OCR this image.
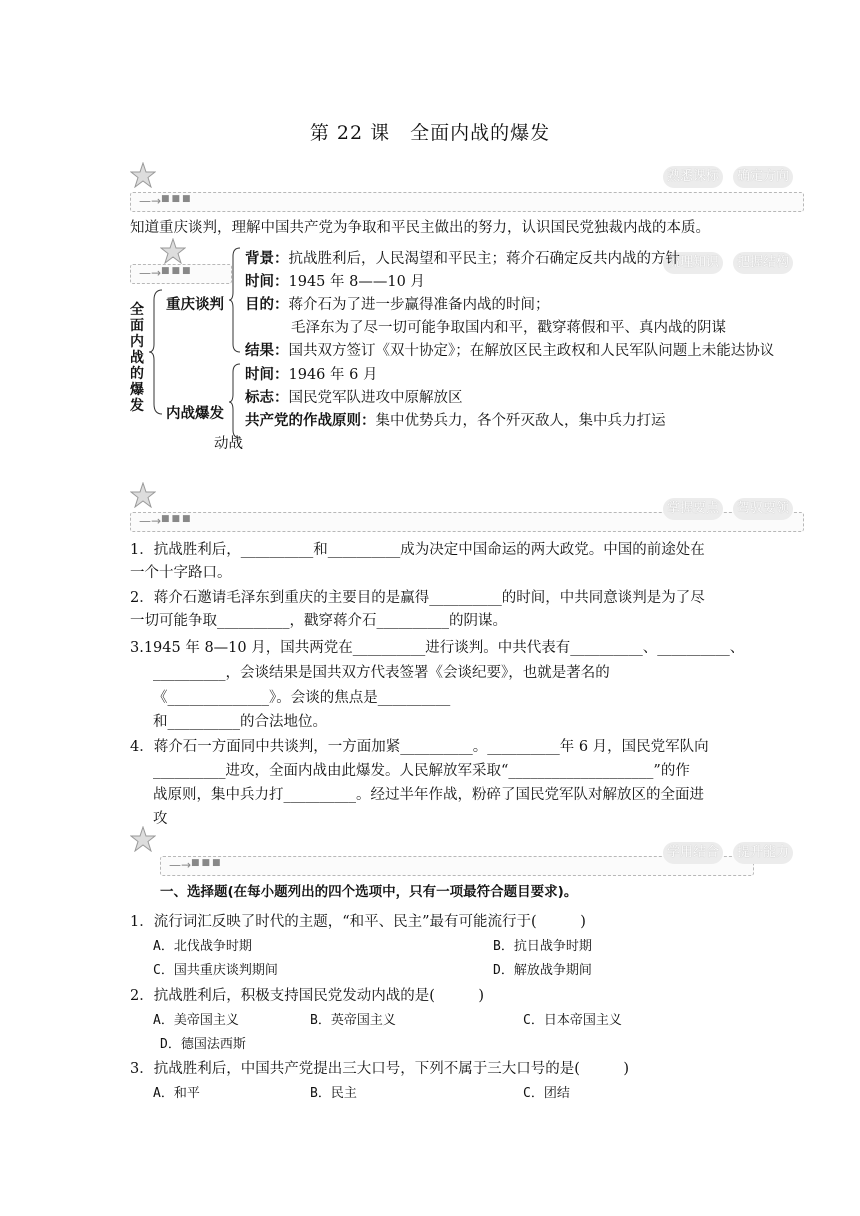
第 22 课　全面内战的爆发
—→ ■■■
熟悉课标	确定方向
知道重庆谈判，理解中国共产党为争取和平民主做出的努力，认识国民党独裁内战的本质。
—→ ■■■
梳理知识	把握结构
全面内战的爆发
重庆谈判
背景：抗战胜利后，人民渴望和平民主；蒋介石确定反共内战的方针
时间：1945 年 8——10 月
目的：蒋介石为了进一步赢得准备内战的时间；
毛泽东为了尽一切可能争取国内和平，戳穿蒋假和平、真内战的阴谋
结果：国共双方签订《双十协定》；在解放区民主政权和人民军队问题上未能达协议
内战爆发
时间：1946 年 6 月
标志：国民党军队进攻中原解放区
共产党的作战原则：集中优势兵力，各个歼灭敌人，集中兵力打运
动战
—→ ■■■
掌握要点	驾驭要领
1．抗战胜利后，__________和__________成为决定中国命运的两大政党。中国的前途处在
一个十字路口。
2．蒋介石邀请毛泽东到重庆的主要目的是赢得__________的时间，中共同意谈判是为了尽
一切可能争取__________，戳穿蒋介石__________的阴谋。
3.1945 年 8—10 月，国共两党在__________进行谈判。中共代表有__________、__________、
__________，会谈结果是国共双方代表签署《会谈纪要》，也就是著名的
《______________》。会谈的焦点是__________
和__________的合法地位。
4．蒋介石一方面同中共谈判，一方面加紧__________。__________年 6 月，国民党军队向
__________进攻，全面内战由此爆发。人民解放军采取“____________________”的作
战原则，集中兵力打__________。经过半年作战，粉碎了国民党军队对解放区的全面进
攻
—→ ■■■
学用结合	提升能力
一、选择题(在每小题列出的四个选项中，只有一项最符合题目要求)。
1．流行词汇反映了时代的主题，“和平、民主”最有可能流行于(　　　)
A．北伐战争时期	B．抗日战争时期
C．国共重庆谈判期间	D．解放战争期间
2．抗战胜利后，积极支持国民党发动内战的是(　　　)
A．美帝国主义	B．英帝国主义	C．日本帝国主义
D．德国法西斯
3．抗战胜利后，中国共产党提出三大口号，下列不属于三大口号的是(　　　)
A．和平	B．民主	C．团结
